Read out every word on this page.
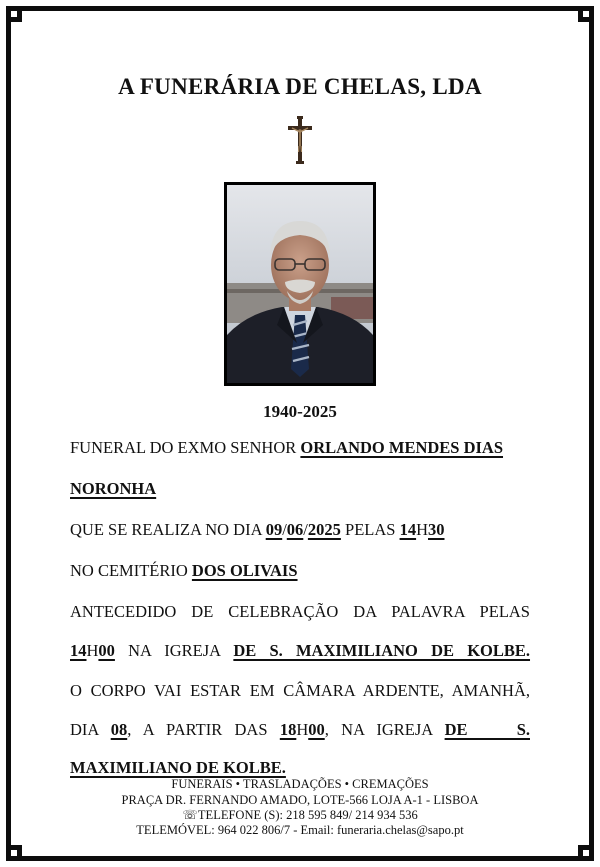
A FUNERÁRIA DE CHELAS, LDA
1940-2025
FUNERAL DO EXMO SENHOR ORLANDO MENDES DIAS
NORONHA
QUE SE REALIZA NO DIA 09/06/2025 PELAS 14H30
NO CEMITÉRIO DOS OLIVAIS
ANTECEDIDO DE CELEBRAÇÃO DA PALAVRA PELAS
14H00 NA IGREJA DE S. MAXIMILIANO DE KOLBE.
O CORPO VAI ESTAR EM CÂMARA ARDENTE, AMANHÃ,
DIA 08, A PARTIR DAS 18H00, NA IGREJA DE    S.
MAXIMILIANO DE KOLBE.
FUNERAIS • TRASLADAÇÕES • CREMAÇÕES
PRAÇA DR. FERNANDO AMADO, LOTE-566 LOJA A-1 - LISBOA
☏TELEFONE (S): 218 595 849/ 214 934 536
TELEMÓVEL: 964 022 806/7 - Email: funeraria.chelas@sapo.pt
